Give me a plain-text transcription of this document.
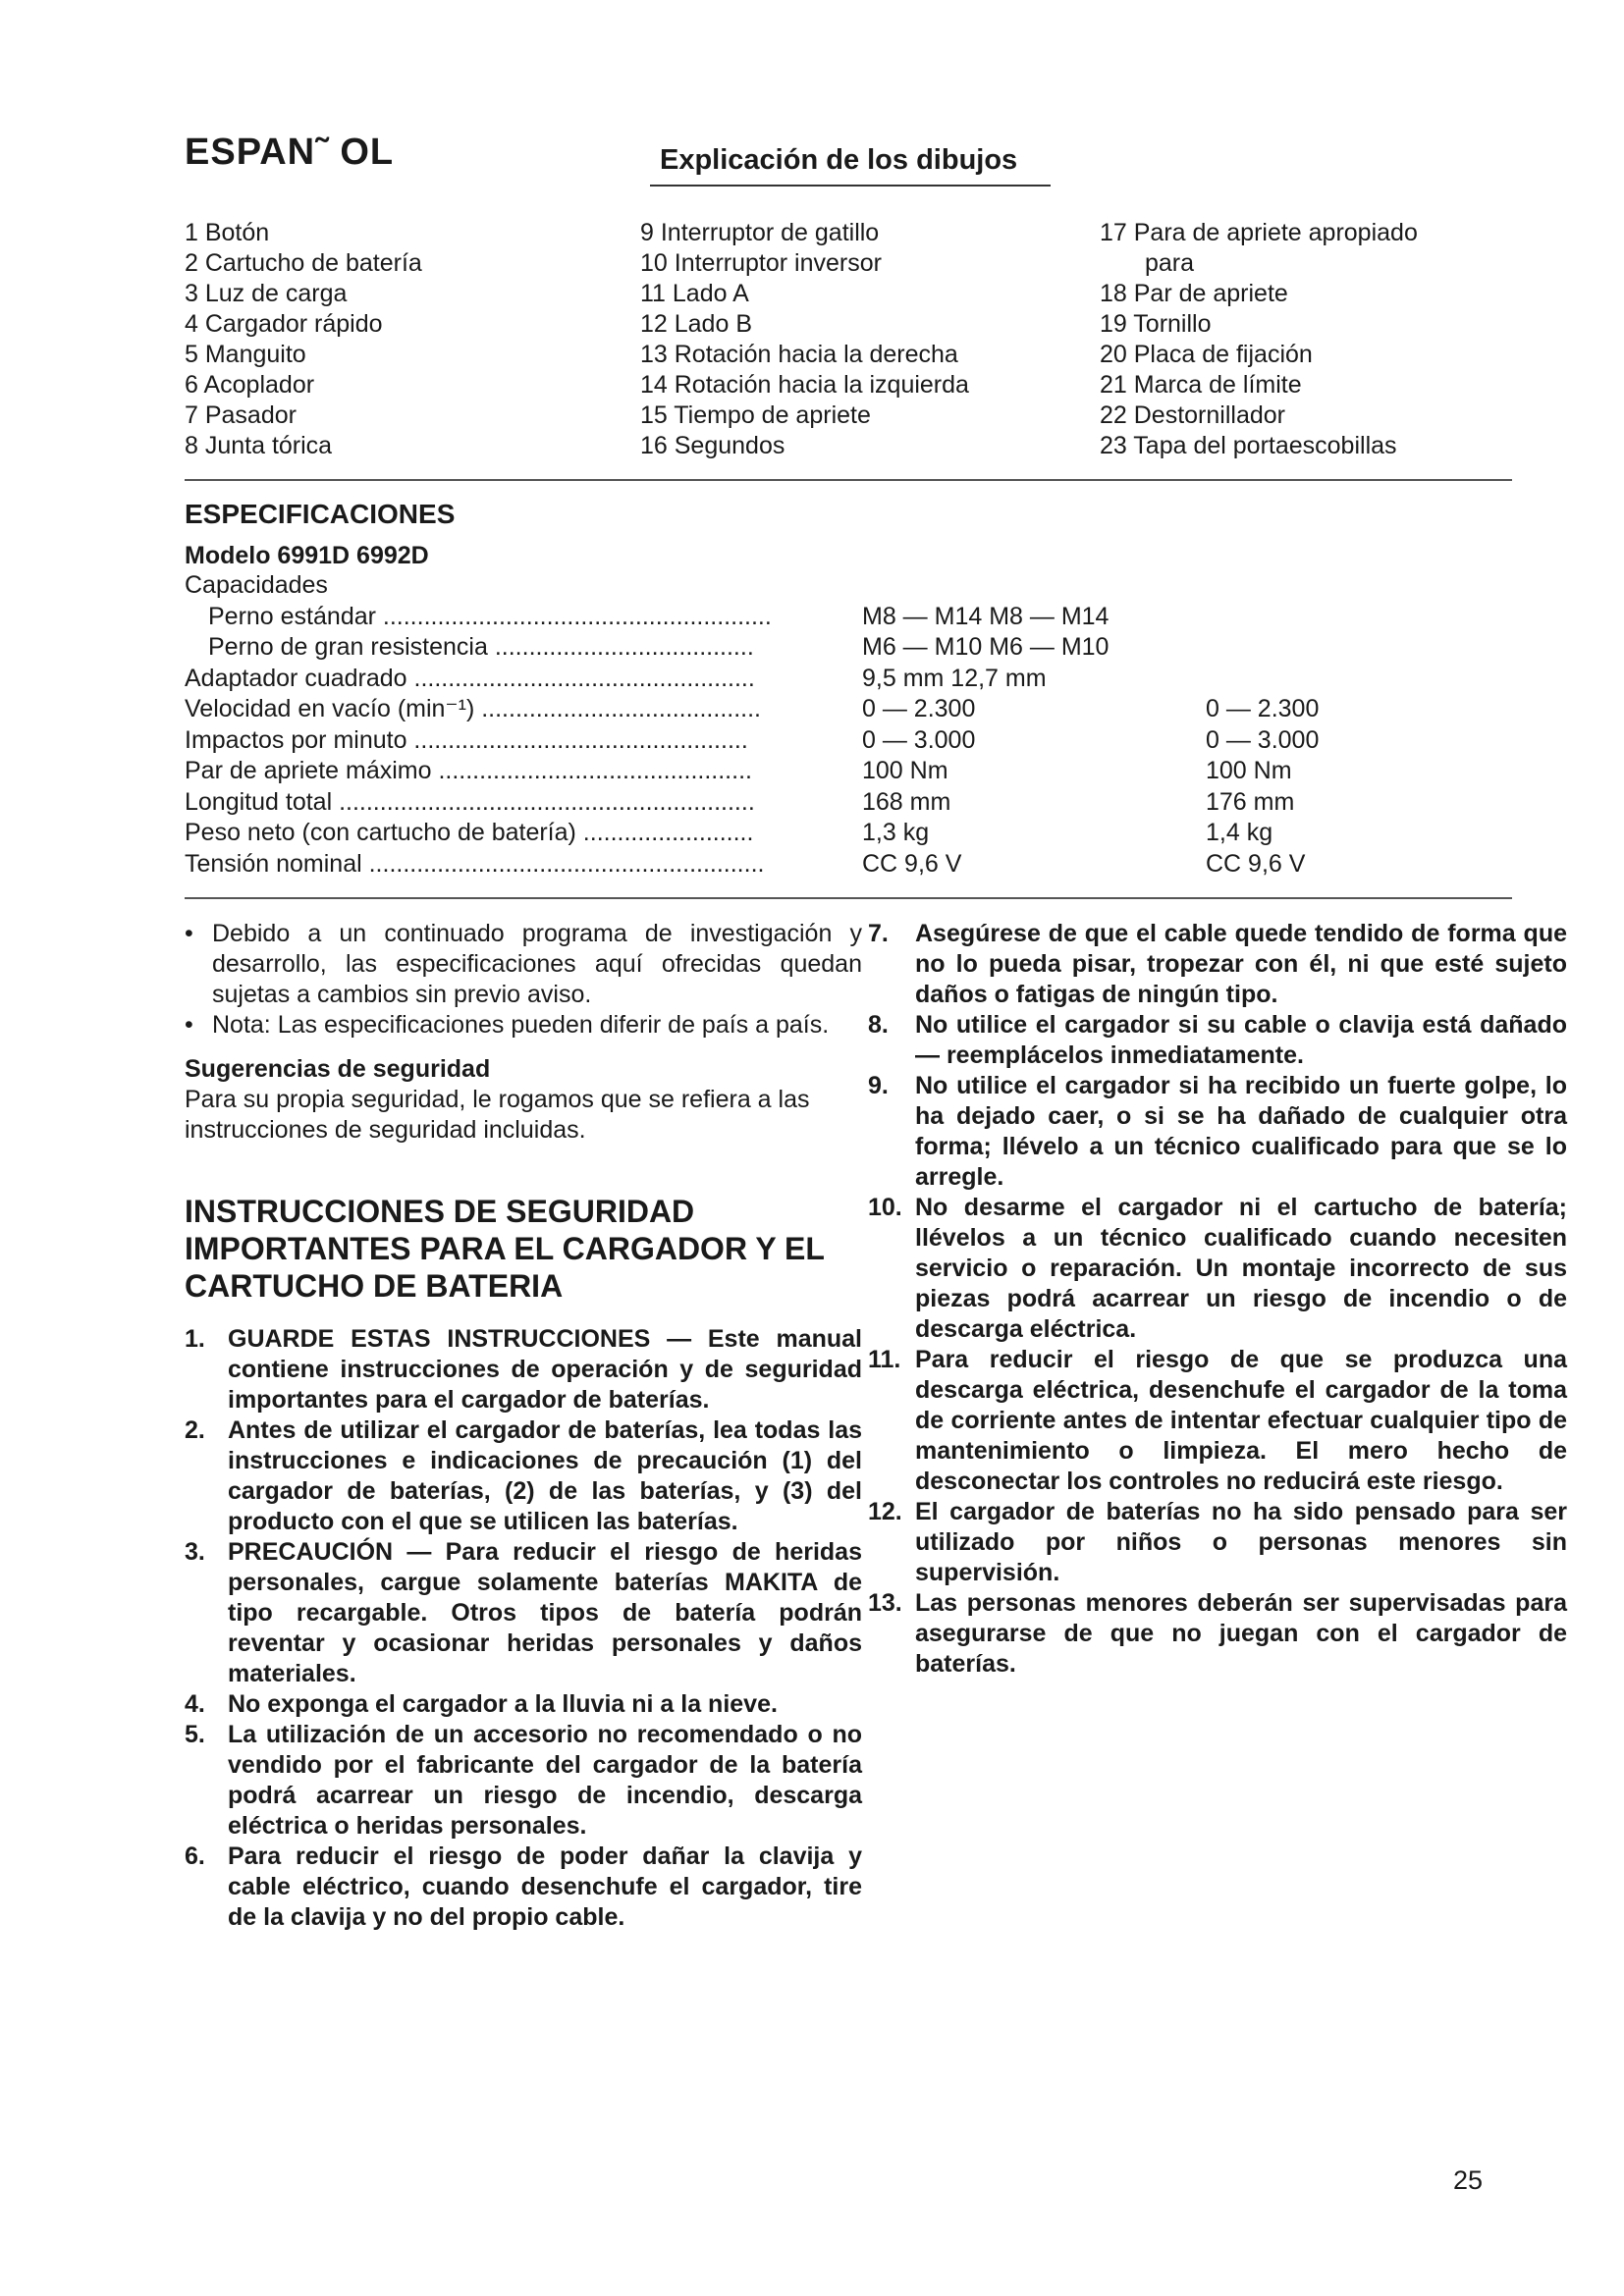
ESPAN˜ OL	Explicación de los dibujos
1 Botón
2 Cartucho de batería
3 Luz de carga
4 Cargador rápido
5 Manguito
6 Acoplador
7 Pasador
8 Junta tórica
9 Interruptor de gatillo
10 Interruptor inversor
11 Lado A
12 Lado B
13 Rotación hacia la derecha
14 Rotación hacia la izquierda
15 Tiempo de apriete
16 Segundos
17 Para de apriete apropiado
para
18 Par de apriete
19 Tornillo
20 Placa de fijación
21 Marca de límite
22 Destornillador
23 Tapa del portaescobillas
ESPECIFICACIONES
Modelo 6991D 6992D
Capacidades
Perno estándar .........................................................	M8 — M14 M8 — M14
Perno de gran resistencia ......................................	M6 — M10 M6 — M10
Adaptador cuadrado ..................................................	9,5 mm 12,7 mm
Velocidad en vacío (min⁻¹) .........................................	0 — 2.300	0 — 2.300
Impactos por minuto .................................................	0 — 3.000	0 — 3.000
Par de apriete máximo ..............................................	100 Nm	100 Nm
Longitud total .............................................................	168 mm	176 mm
Peso neto (con cartucho de batería) .........................	1,3 kg	1,4 kg
Tensión nominal ..........................................................	CC 9,6 V	CC 9,6 V
• Debido a un continuado programa de investigación y desarrollo, las especificaciones aquí ofrecidas quedan sujetas a cambios sin previo aviso.
• Nota: Las especificaciones pueden diferir de país a país.
Sugerencias de seguridad
Para su propia seguridad, le rogamos que se refiera a las instrucciones de seguridad incluidas.
INSTRUCCIONES DE SEGURIDAD IMPORTANTES PARA EL CARGADOR Y EL CARTUCHO DE BATERIA
1. GUARDE ESTAS INSTRUCCIONES — Este manual contiene instrucciones de operación y de seguridad importantes para el cargador de baterías.
2. Antes de utilizar el cargador de baterías, lea todas las instrucciones e indicaciones de precaución (1) del cargador de baterías, (2) de las baterías, y (3) del producto con el que se utilicen las baterías.
3. PRECAUCIÓN — Para reducir el riesgo de heridas personales, cargue solamente baterías MAKITA de tipo recargable. Otros tipos de batería podrán reventar y ocasionar heridas personales y daños materiales.
4. No exponga el cargador a la lluvia ni a la nieve.
5. La utilización de un accesorio no recomendado o no vendido por el fabricante del cargador de la batería podrá acarrear un riesgo de incendio, descarga eléctrica o heridas personales.
6. Para reducir el riesgo de poder dañar la clavija y cable eléctrico, cuando desenchufe el cargador, tire de la clavija y no del propio cable.
7. Asegúrese de que el cable quede tendido de forma que no lo pueda pisar, tropezar con él, ni que esté sujeto daños o fatigas de ningún tipo.
8. No utilice el cargador si su cable o clavija está dañado — reemplácelos inmediatamente.
9. No utilice el cargador si ha recibido un fuerte golpe, lo ha dejado caer, o si se ha dañado de cualquier otra forma; llévelo a un técnico cualificado para que se lo arregle.
10. No desarme el cargador ni el cartucho de batería; llévelos a un técnico cualificado cuando necesiten servicio o reparación. Un montaje incorrecto de sus piezas podrá acarrear un riesgo de incendio o de descarga eléctrica.
11. Para reducir el riesgo de que se produzca una descarga eléctrica, desenchufe el cargador de la toma de corriente antes de intentar efectuar cualquier tipo de mantenimiento o limpieza. El mero hecho de desconectar los controles no reducirá este riesgo.
12. El cargador de baterías no ha sido pensado para ser utilizado por niños o personas menores sin supervisión.
13. Las personas menores deberán ser supervisadas para asegurarse de que no juegan con el cargador de baterías.
25
